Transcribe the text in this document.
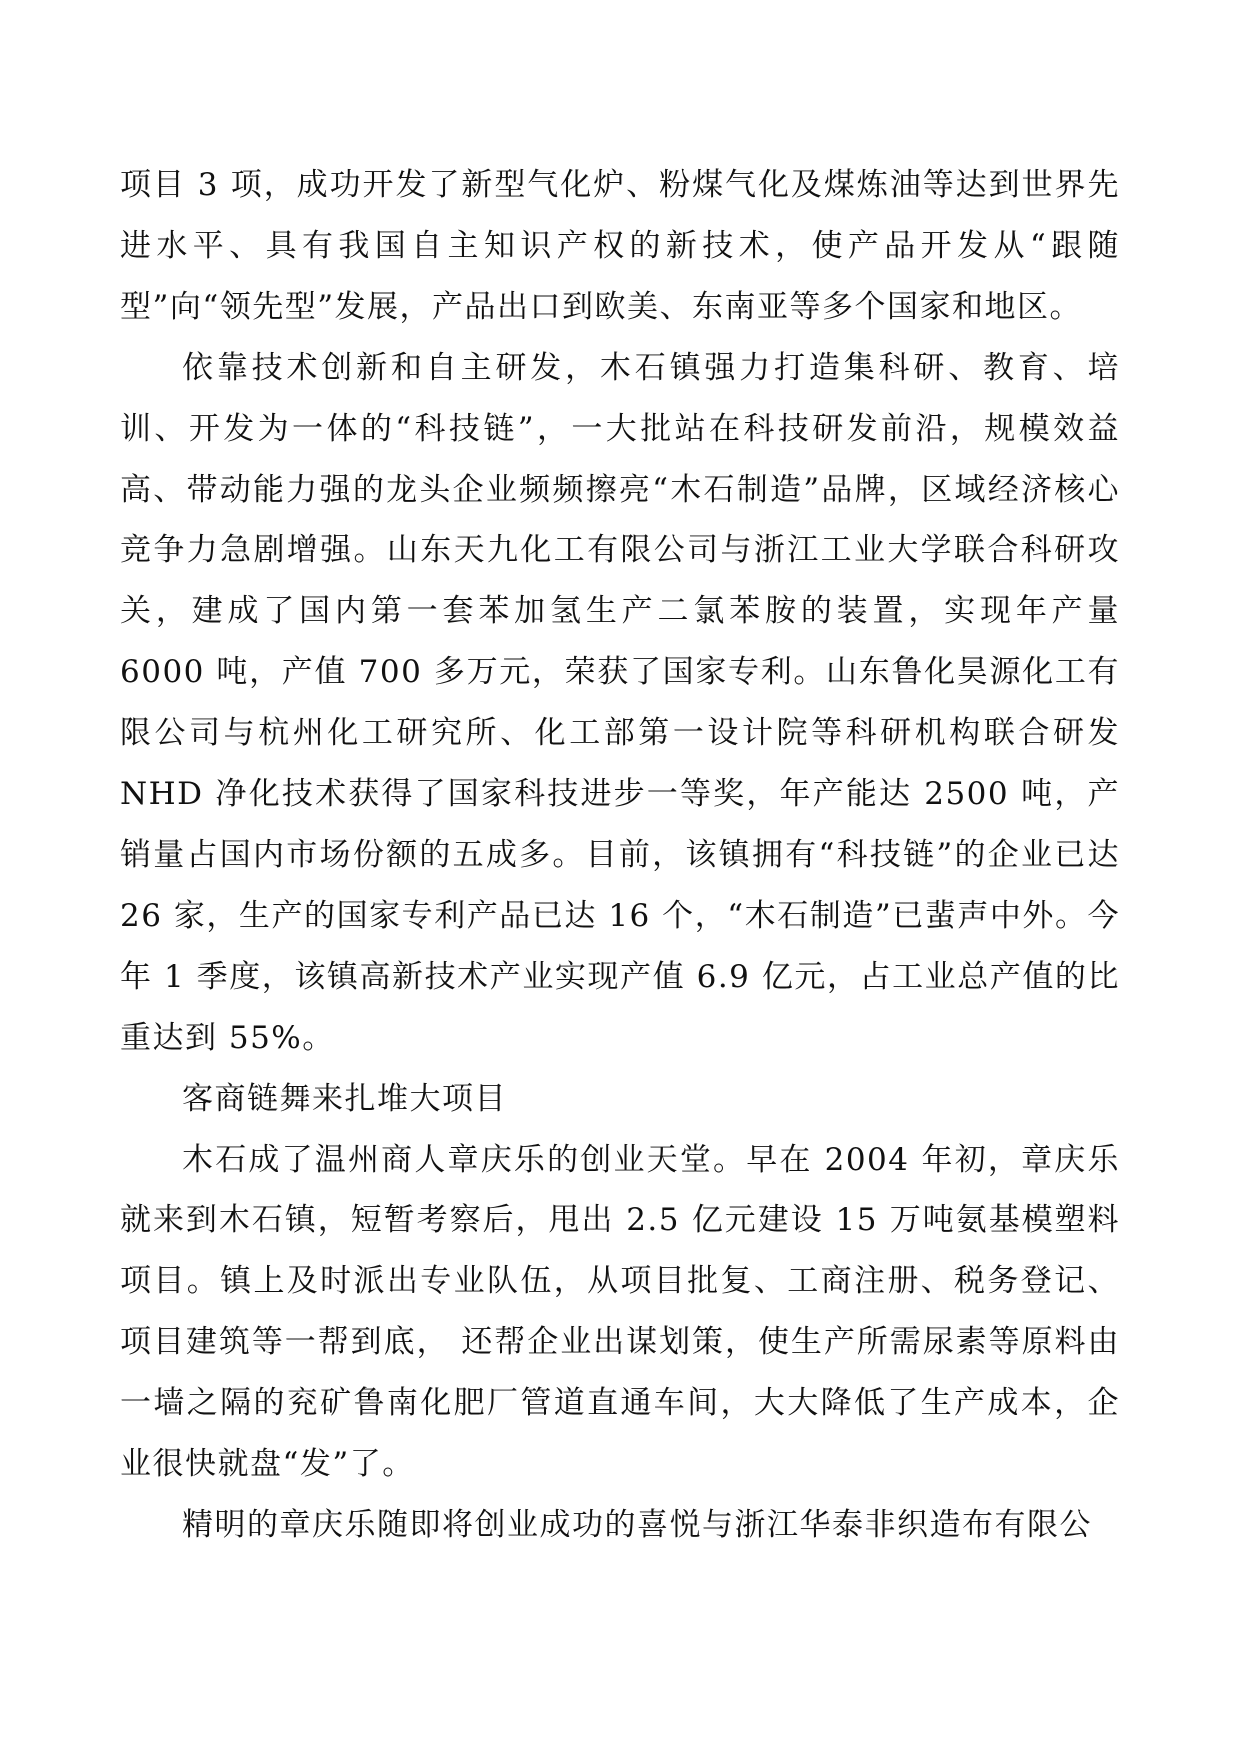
项目 3 项，成功开发了新型气化炉、粉煤气化及煤炼油等达到世界先进水平、具有我国自主知识产权的新技术，使产品开发从“跟随型”向“领先型”发展，产品出口到欧美、东南亚等多个国家和地区。

依靠技术创新和自主研发，木石镇强力打造集科研、教育、培训、开发为一体的“科技链”，一大批站在科技研发前沿，规模效益高、带动能力强的龙头企业频频擦亮“木石制造”品牌，区域经济核心竞争力急剧增强。山东天九化工有限公司与浙江工业大学联合科研攻关，建成了国内第一套苯加氢生产二氯苯胺的装置，实现年产量 6000 吨，产值 700 多万元，荣获了国家专利。山东鲁化昊源化工有限公司与杭州化工研究所、化工部第一设计院等科研机构联合研发 NHD 净化技术获得了国家科技进步一等奖，年产能达 2500 吨，产销量占国内市场份额的五成多。目前，该镇拥有“科技链”的企业已达 26 家，生产的国家专利产品已达 16 个，“木石制造”已蜚声中外。今年 1 季度，该镇高新技术产业实现产值 6.9 亿元，占工业总产值的比重达到 55%。

客商链舞来扎堆大项目

木石成了温州商人章庆乐的创业天堂。早在 2004 年初，章庆乐就来到木石镇，短暂考察后，甩出 2.5 亿元建设 15 万吨氨基模塑料项目。镇上及时派出专业队伍，从项目批复、工商注册、税务登记、项目建筑等一帮到底， 还帮企业出谋划策，使生产所需尿素等原料由一墙之隔的兖矿鲁南化肥厂管道直通车间，大大降低了生产成本，企业很快就盘“发”了。

精明的章庆乐随即将创业成功的喜悦与浙江华泰非织造布有限公
